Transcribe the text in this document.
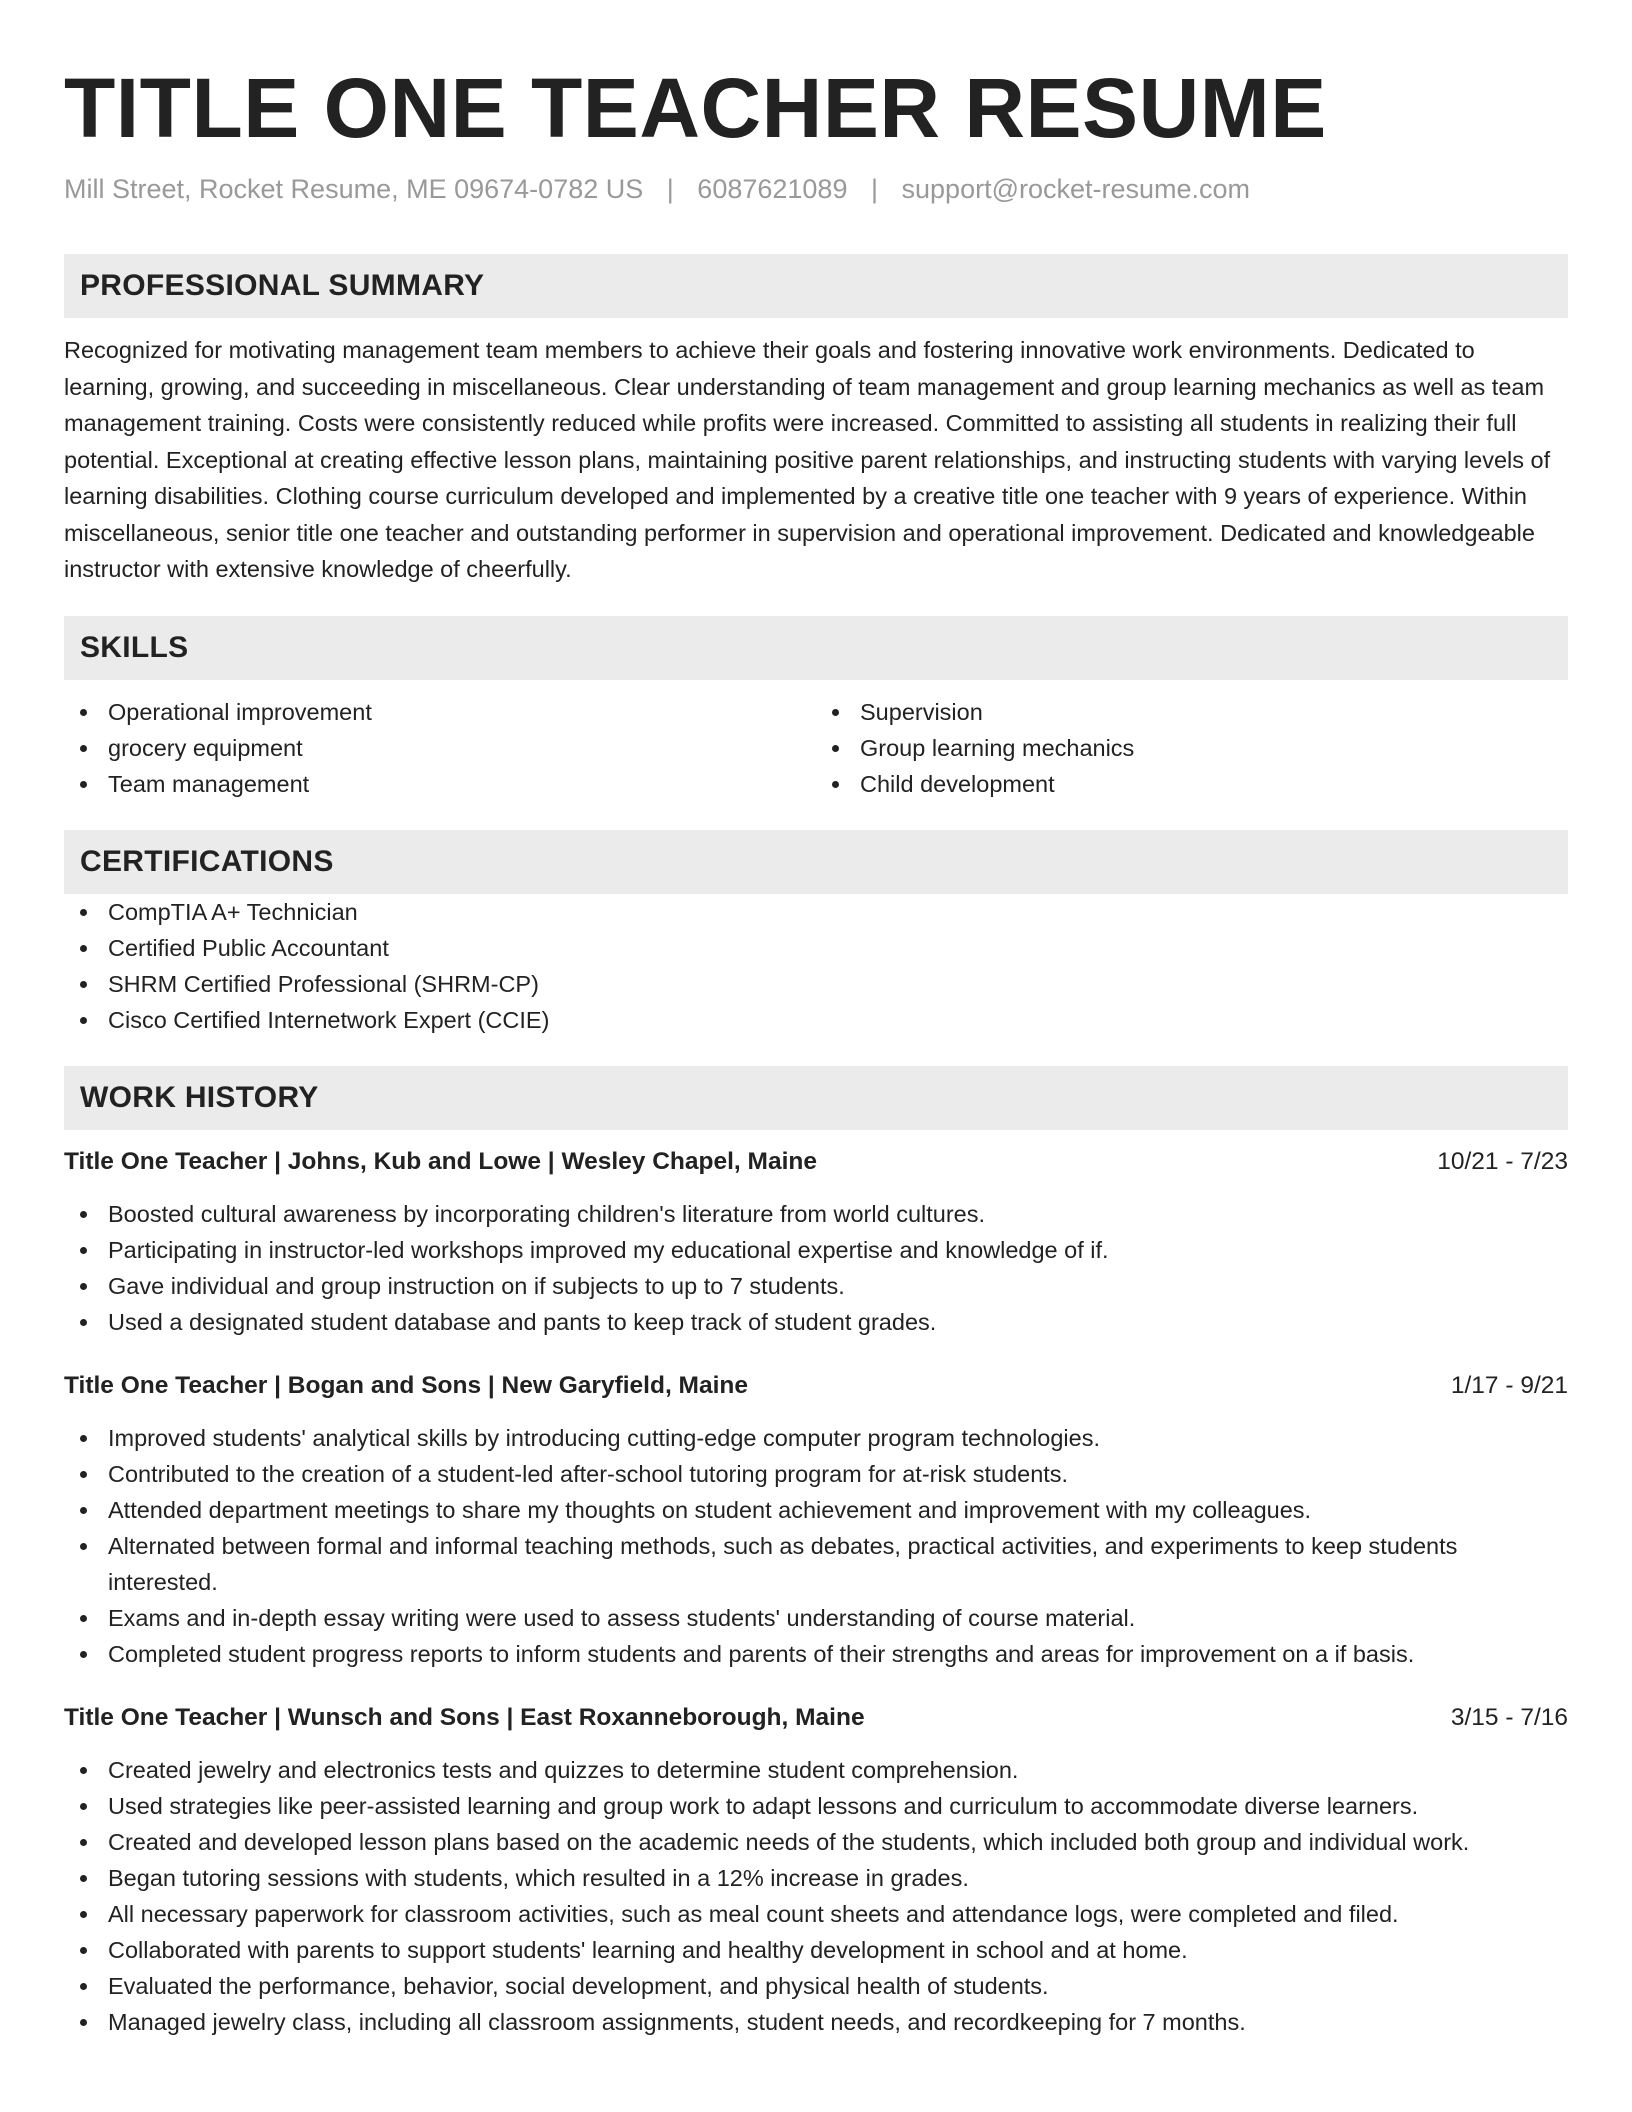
TITLE ONE TEACHER RESUME
Mill Street, Rocket Resume, ME 09674-0782 US | 6087621089 | support@rocket-resume.com
PROFESSIONAL SUMMARY

Recognized for motivating management team members to achieve their goals and fostering innovative work environments. Dedicated to learning, growing, and succeeding in miscellaneous. Clear understanding of team management and group learning mechanics as well as team management training. Costs were consistently reduced while profits were increased. Committed to assisting all students in realizing their full potential. Exceptional at creating effective lesson plans, maintaining positive parent relationships, and instructing students with varying levels of learning disabilities. Clothing course curriculum developed and implemented by a creative title one teacher with 9 years of experience. Within miscellaneous, senior title one teacher and outstanding performer in supervision and operational improvement. Dedicated and knowledgeable instructor with extensive knowledge of cheerfully.

SKILLS
Operational improvement
grocery equipment
Team management
Supervision
Group learning mechanics
Child development
CERTIFICATIONS
CompTIA A+ Technician
Certified Public Accountant
SHRM Certified Professional (SHRM-CP)
Cisco Certified Internetwork Expert (CCIE)
WORK HISTORY
Title One Teacher | Johns, Kub and Lowe | Wesley Chapel, Maine	10/21 - 7/23
Boosted cultural awareness by incorporating children's literature from world cultures.
Participating in instructor-led workshops improved my educational expertise and knowledge of if.
Gave individual and group instruction on if subjects to up to 7 students.
Used a designated student database and pants to keep track of student grades.
Title One Teacher | Bogan and Sons | New Garyfield, Maine	1/17 - 9/21
Improved students' analytical skills by introducing cutting-edge computer program technologies.
Contributed to the creation of a student-led after-school tutoring program for at-risk students.
Attended department meetings to share my thoughts on student achievement and improvement with my colleagues.
Alternated between formal and informal teaching methods, such as debates, practical activities, and experiments to keep students interested.
Exams and in-depth essay writing were used to assess students' understanding of course material.
Completed student progress reports to inform students and parents of their strengths and areas for improvement on a if basis.
Title One Teacher | Wunsch and Sons | East Roxanneborough, Maine	3/15 - 7/16
Created jewelry and electronics tests and quizzes to determine student comprehension.
Used strategies like peer-assisted learning and group work to adapt lessons and curriculum to accommodate diverse learners.
Created and developed lesson plans based on the academic needs of the students, which included both group and individual work.
Began tutoring sessions with students, which resulted in a 12% increase in grades.
All necessary paperwork for classroom activities, such as meal count sheets and attendance logs, were completed and filed.
Collaborated with parents to support students' learning and healthy development in school and at home.
Evaluated the performance, behavior, social development, and physical health of students.
Managed jewelry class, including all classroom assignments, student needs, and recordkeeping for 7 months.
